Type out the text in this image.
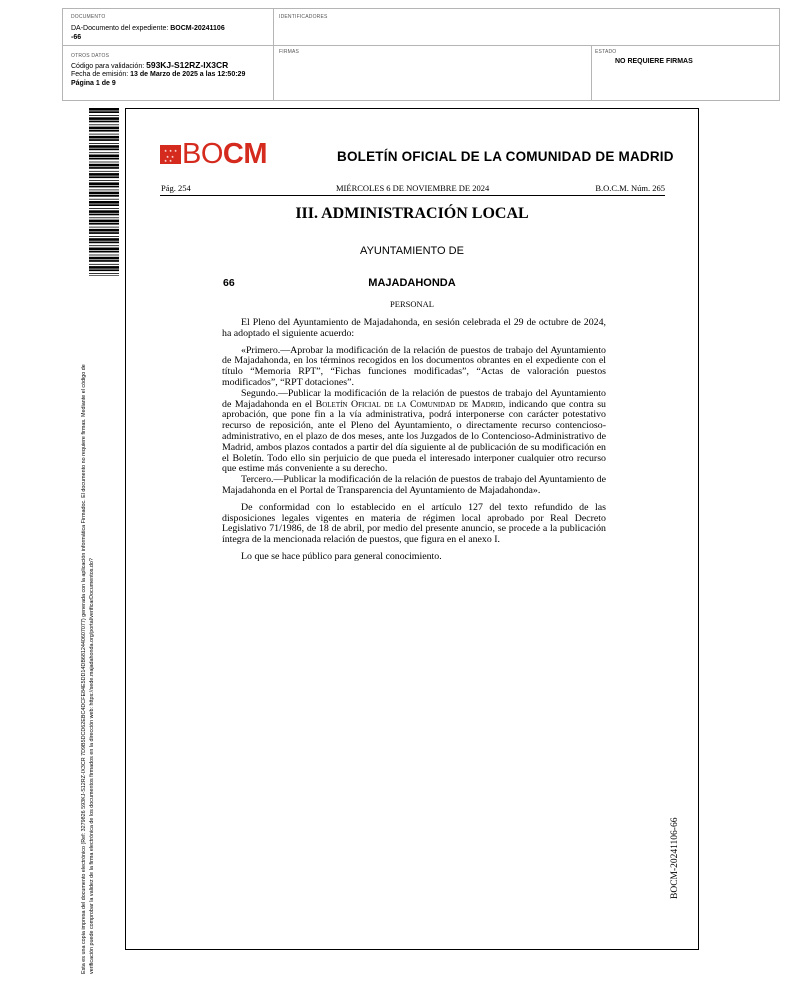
DOCUMENTO
DA-Documento del expediente: BOCM-20241106
-66
IDENTIFICADORES
OTROS DATOS
Código para validación: 593KJ-S12RZ-IX3CR
Fecha de emisión: 13 de Marzo de 2025 a las 12:50:29
Página 1 de 9
FIRMAS	ESTADO
NO REQUIERE FIRMAS
Esta es una copia impresa del documento electrónico (Ref: 3279826 593KJ-S12RZ-IX3CR 7D9B5DCD62EBC4DCFE84E5DD14DB6812440607077) generada con la aplicación informática Firmadoc. El documento no requiere firmas. Mediante el código de verificación puede comprobar la validez de la firma electrónica de los documentos firmados en la dirección web: https://sede.majadahonda.org/portal/verificarDocumentos.do?
★ ★ ★
★ ★
★ ★ BOCM	BOLETÍN OFICIAL DE LA COMUNIDAD DE MADRID
Pág. 254	MIÉRCOLES 6 DE NOVIEMBRE DE 2024	B.O.C.M. Núm. 265
III. ADMINISTRACIÓN LOCAL
AYUNTAMIENTO DE
66	MAJADAHONDA
PERSONAL

El Pleno del Ayuntamiento de Majadahonda, en sesión celebrada el 29 de octubre de 2024, ha adoptado el siguiente acuerdo:

«Primero.—Aprobar la modificación de la relación de puestos de trabajo del Ayuntamiento de Majadahonda, en los términos recogidos en los documentos obrantes en el expediente con el título “Memoria RPT”, “Fichas funciones modificadas”, “Actas de valoración puestos modificados”, “RPT dotaciones”.

Segundo.—Publicar la modificación de la relación de puestos de trabajo del Ayuntamiento de Majadahonda en el Boletín Oficial de la Comunidad de Madrid, indicando que contra su aprobación, que pone fin a la vía administrativa, podrá interponerse con carácter potestativo recurso de reposición, ante el Pleno del Ayuntamiento, o directamente recurso contencioso-administrativo, en el plazo de dos meses, ante los Juzgados de lo Contencioso-Administrativo de Madrid, ambos plazos contados a partir del día siguiente al de publicación de su modificación en el Boletín. Todo ello sin perjuicio de que pueda el interesado interponer cualquier otro recurso que estime más conveniente a su derecho.

Tercero.—Publicar la modificación de la relación de puestos de trabajo del Ayuntamiento de Majadahonda en el Portal de Transparencia del Ayuntamiento de Majadahonda».

De conformidad con lo establecido en el artículo 127 del texto refundido de las disposiciones legales vigentes en materia de régimen local aprobado por Real Decreto Legislativo 71/1986, de 18 de abril, por medio del presente anuncio, se procede a la publicación íntegra de la mencionada relación de puestos, que figura en el anexo I.

Lo que se hace público para general conocimiento.

BOCM-20241106-66
